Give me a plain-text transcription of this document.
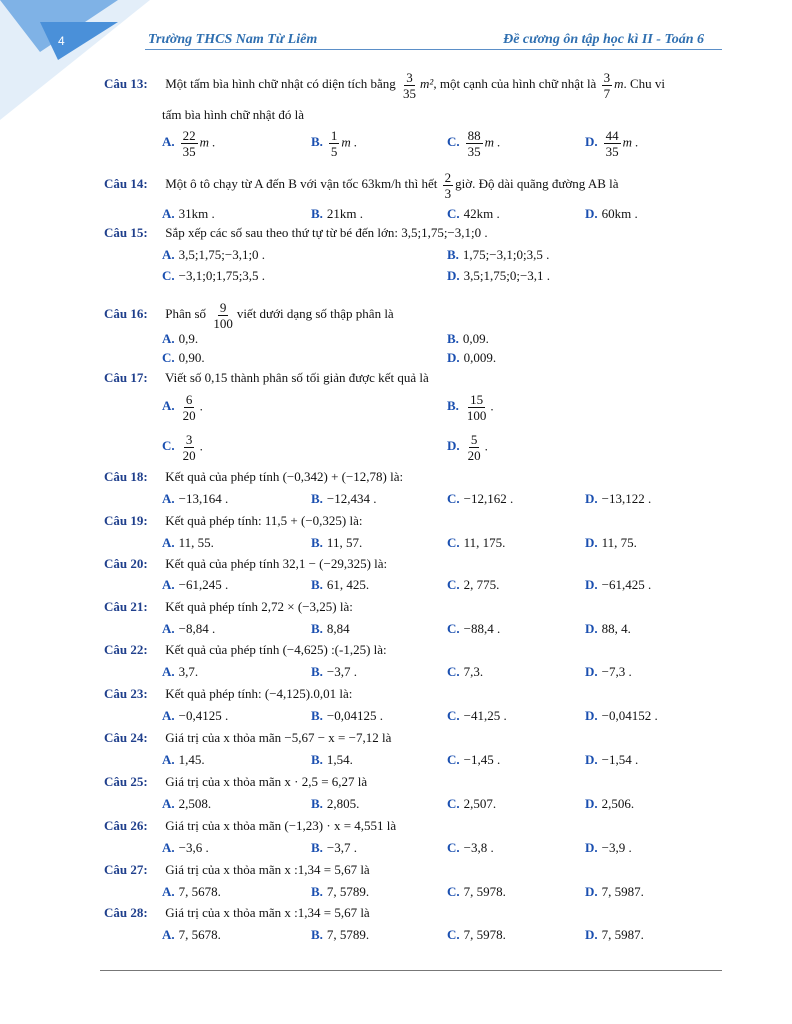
4	Trường THCS Nam Từ Liêm	Đề cương ôn tập học kì II - Toán 6
Câu 13: Một tấm bìa hình chữ nhật có diện tích bằng $\frac{3}{35} m^2$, một cạnh của hình chữ nhật là $\frac{3}{7} m$. Chu vi
tấm bìa hình chữ nhật đó là
A. $\frac{22}{35}$ m .	B. $\frac{1}{5}$ m .	C. $\frac{88}{35}$ m .	D. $\frac{44}{35}$ m .
Câu 14: Một ô tô chạy từ A đến B với vận tốc 63km/h thì hết $\frac{2}{3}$ giờ. Độ dài quãng đường AB là
A. 31km .	B. 21km .	C. 42km .	D. 60km .
Câu 15: Sắp xếp các số sau theo thứ tự từ bé đến lớn: 3,5;1,75;−3,1;0 .
A. 3,5;1,75;−3,1;0 .	B. 1,75;−3,1;0;3,5 .
C. −3,1;0;1,75;3,5 .	D. 3,5;1,75;0;−3,1 .
Câu 16: Phân số $\frac{9}{100}$ viết dưới dạng số thập phân là
A. 0,9.	B. 0,09.
C. 0,90.	D. 0,009.
Câu 17: Viết số 0,15 thành phân số tối giản được kết quả là
A. $\frac{6}{20}$ .	B. $\frac{15}{100}$ .
C. $\frac{3}{20}$ .	D. $\frac{5}{20}$ .
Câu 18: Kết quả của phép tính (−0,342) + (−12,78) là:
A. −13,164 .	B. −12,434 .	C. −12,162 .	D. −13,122 .
Câu 19: Kết quả phép tính: 11,5 + (−0,325) là:
A. 11, 55.	B. 11, 57.	C. 11, 175.	D. 11, 75.
Câu 20: Kết quả của phép tính 32,1 − (−29,325) là:
A. −61,245 .	B. 61, 425.	C. 2, 775.	D. −61,425 .
Câu 21: Kết quả phép tính 2,72 × (−3,25) là:
A. −8,84 .	B. 8,84	C. −88,4 .	D. 88, 4.
Câu 22: Kết quả của phép tính (−4,625) :(-1,25) là:
A. 3,7.	B. −3,7 .	C. 7,3.	D. −7,3 .
Câu 23: Kết quả phép tính: (−4,125).0,01 là:
A. −0,4125 .	B. −0,04125 .	C. −41,25 .	D. −0,04152 .
Câu 24: Giá trị của x thỏa mãn −5,67 − x = −7,12 là
A. 1,45.	B. 1,54.	C. −1,45 .	D. −1,54 .
Câu 25: Giá trị của x thỏa mãn x · 2,5 = 6,27 là
A. 2,508.	B. 2,805.	C. 2,507.	D. 2,506.
Câu 26: Giá trị của x thỏa mãn (−1,23) · x = 4,551 là
A. −3,6 .	B. −3,7 .	C. −3,8 .	D. −3,9 .
Câu 27: Giá trị của x thỏa mãn x :1,34 = 5,67 là
A. 7, 5678.	B. 7, 5789.	C. 7, 5978.	D. 7, 5987.
Câu 28: Giá trị của x thỏa mãn x :1,34 = 5,67 là
A. 7, 5678.	B. 7, 5789.	C. 7, 5978.	D. 7, 5987.
